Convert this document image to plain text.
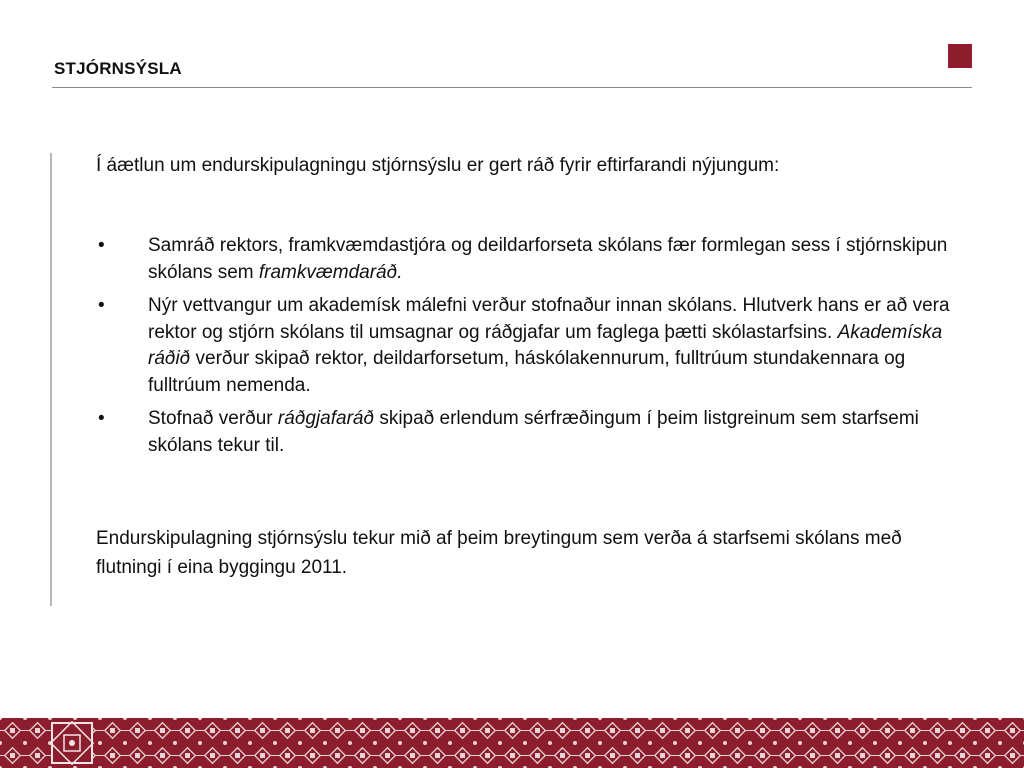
STJÓRNSÝSLA

Í áætlun um endurskipulagningu stjórnsýslu er gert ráð fyrir eftirfarandi nýjungum:

• Samráð rektors, framkvæmdastjóra og deildarforseta skólans fær formlegan sess í stjórnskipun skólans sem framkvæmdaráð.
• Nýr vettvangur um akademísk málefni verður stofnaður innan skólans. Hlutverk hans er að vera rektor og stjórn skólans til umsagnar og ráðgjafar um faglega þætti skólastarfsins. Akademíska ráðið verður skipað rektor, deildarforsetum, háskólakennurum, fulltrúum stundakennara og fulltrúum nemenda.
• Stofnað verður ráðgjafaráð skipað erlendum sérfræðingum í þeim listgreinum sem starfsemi skólans tekur til.

Endurskipulagning stjórnsýslu tekur mið af þeim breytingum sem verða á starfsemi skólans með flutningi í eina byggingu 2011.
